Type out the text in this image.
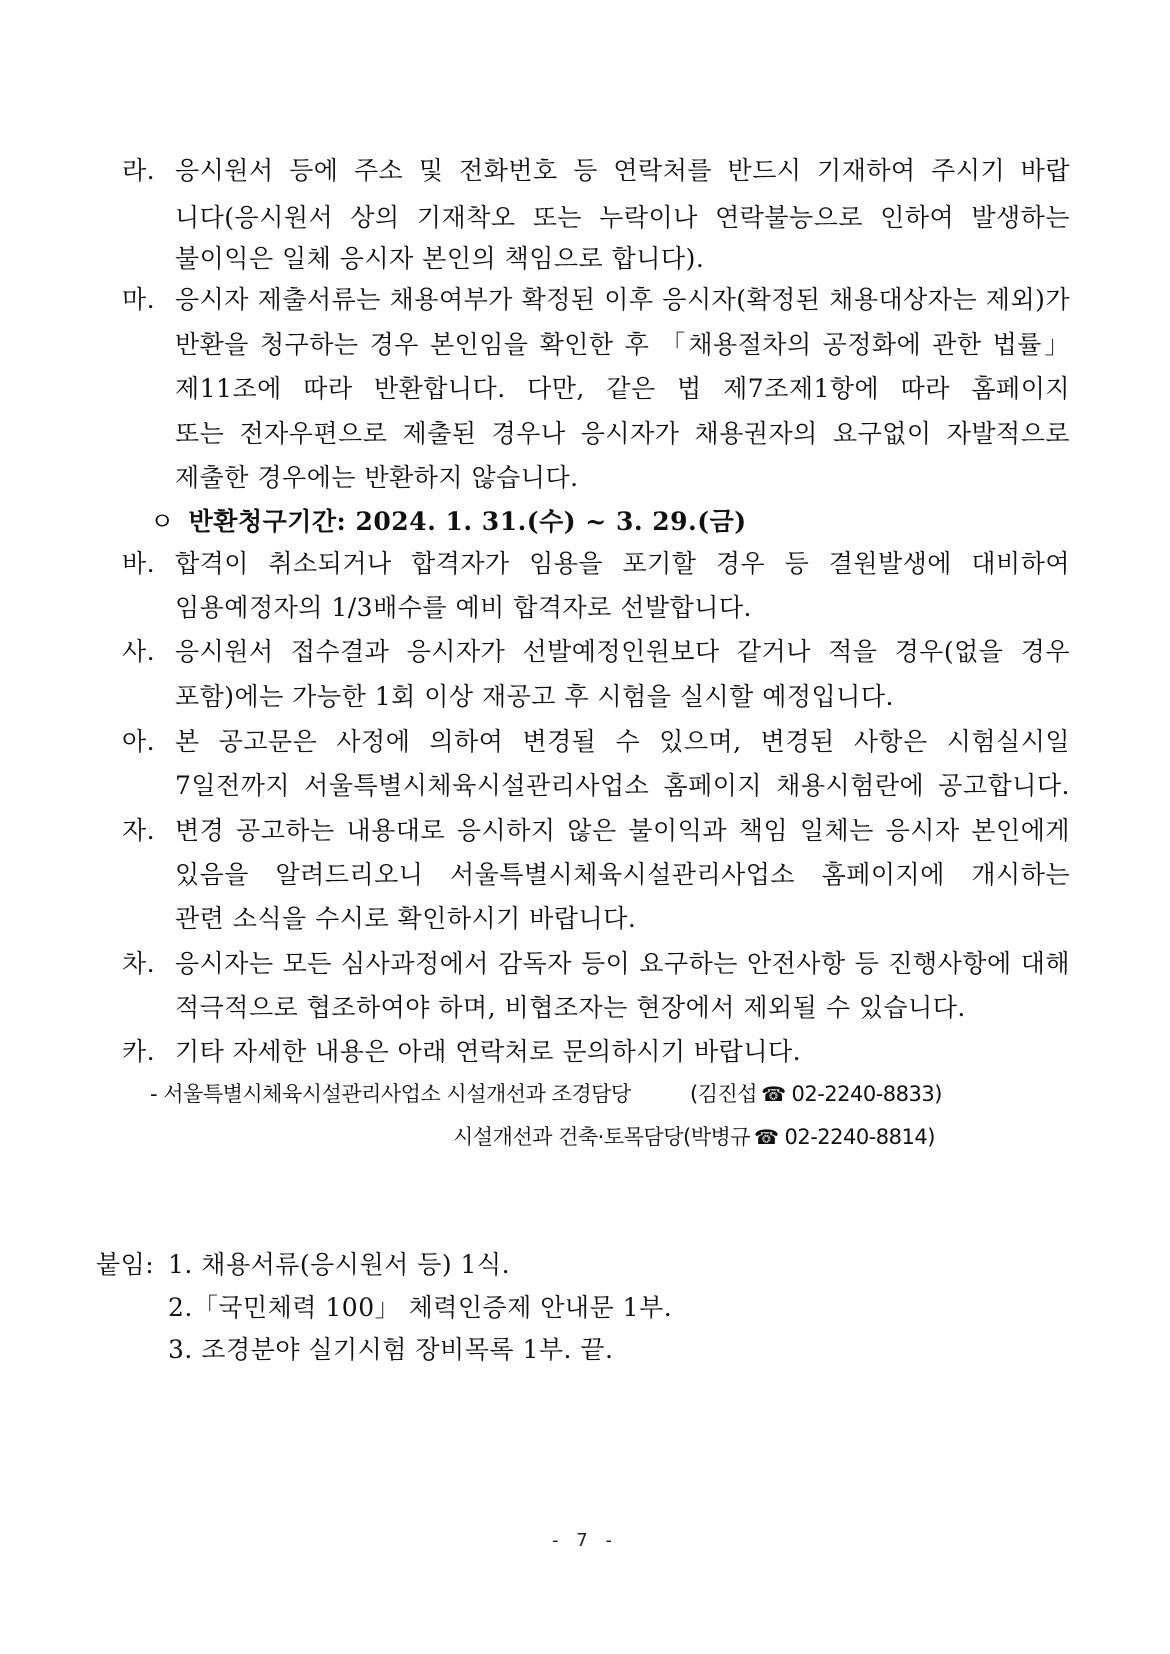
라. 응시원서 등에 주소 및 전화번호 등 연락처를 반드시 기재하여 주시기 바랍
니다(응시원서 상의 기재착오 또는 누락이나 연락불능으로 인하여 발생하는
불이익은 일체 응시자 본인의 책임으로 합니다).
마. 응시자 제출서류는 채용여부가 확정된 이후 응시자(확정된 채용대상자는 제외)가
반환을 청구하는 경우 본인임을 확인한 후 「채용절차의 공정화에 관한 법률」
제11조에 따라 반환합니다. 다만, 같은 법 제7조제1항에 따라 홈페이지
또는 전자우편으로 제출된 경우나 응시자가 채용권자의 요구없이 자발적으로
제출한 경우에는 반환하지 않습니다.
ㅇ 반환청구기간: 2024. 1. 31.(수) ~ 3. 29.(금)
바. 합격이 취소되거나 합격자가 임용을 포기할 경우 등 결원발생에 대비하여
임용예정자의 1/3배수를 예비 합격자로 선발합니다.
사. 응시원서 접수결과 응시자가 선발예정인원보다 같거나 적을 경우(없을 경우
포함)에는 가능한 1회 이상 재공고 후 시험을 실시할 예정입니다.
아. 본 공고문은 사정에 의하여 변경될 수 있으며, 변경된 사항은 시험실시일
7일전까지 서울특별시체육시설관리사업소 홈페이지 채용시험란에 공고합니다.
자. 변경 공고하는 내용대로 응시하지 않은 불이익과 책임 일체는 응시자 본인에게
있음을 알려드리오니 서울특별시체육시설관리사업소 홈페이지에 개시하는
관련 소식을 수시로 확인하시기 바랍니다.
차. 응시자는 모든 심사과정에서 감독자 등이 요구하는 안전사항 등 진행사항에 대해
적극적으로 협조하여야 하며, 비협조자는 현장에서 제외될 수 있습니다.
카. 기타 자세한 내용은 아래 연락처로 문의하시기 바랍니다.
- 서울특별시체육시설관리사업소 시설개선과 조경담당	(김진섭 ☎ 02-2240-8833)
시설개선과 건축·토목담당(박병규 ☎ 02-2240-8814)
붙임: 1. 채용서류(응시원서 등) 1식.
2.「국민체력 100」 체력인증제 안내문 1부.
3. 조경분야 실기시험 장비목록 1부. 끝.
- 7 -
